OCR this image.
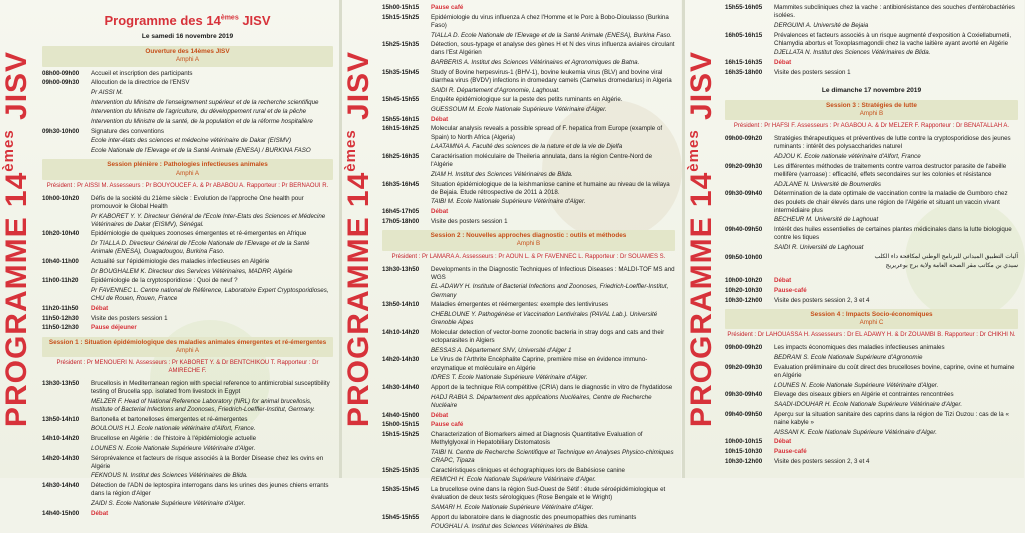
PROGRAMME 14èmes JISV
Programme des 14èmes JISV
Le samedi 16 novembre 2019
Ouverture des 14èmes JISV
Amphi A
08h00-09h00	Accueil et inscription des participants
09h00-09h30	Allocution de la directrice de l'ENSV
Pr AISSI M.
Intervention du Ministre de l'enseignement supérieur et de la recherche scientifique
Intervention du Ministre de l'agriculture, du développement rural et de la pêche
Intervention du Ministre de la santé, de la population et de la réforme hospitalière
09h30-10h00	Signature des conventions
Ecole inter-états des sciences et médecine vétérinaire de Dakar (EISMV)
Ecole Nationale de l'Elevage et de la Santé Animale (ENESA) / BURKINA FASO
Session plénière : Pathologies infectieuses animales
Amphi A
Président : Pr AISSI M. Assesseurs : Pr BOUYOUCEF A. & Pr ABABOU A. Rapporteur : Pr BERNAOUI R.
10h00-10h20	Défis de la société du 21ème siècle : Evolution de l'approche One health pour promouvoir le Global Health
Pr KABORET Y. Y. Directeur Général de l'Ecole Inter-Etats des Sciences et Médecine Vétérinaires de Dakar (EISMV), Sénégal.
10h20-10h40	Epidémiologie de quelques zoonoses émergentes et ré-émergentes en Afrique
Dr TIALLA D. Directeur Général de l'Ecole Nationale de l'Elevage et de la Santé Animale (ENESA), Ouagadougou, Burkina Faso.
10h40-11h00	Actualité sur l'épidémiologie des maladies infectieuses en Algérie
Dr BOUGHALEM K. Directeur des Services Vétérinaires, MADRP, Algérie
11h00-11h20	Epidémiologie de la cryptosporidiose : Quoi de neuf ?
Pr FAVENNEC L. Centre national de Référence, Laboratoire Expert Cryptosporidioses, CHU de Rouen, Rouen, France
11h20-11h50	Débat
11h50-12h30	Visite des posters session 1
11h50-12h30	Pause déjeuner
Session 1 : Situation épidémiologique des maladies animales émergentes et ré-émergentes
Amphi A
Président : Pr MENOUERI N. Assesseurs : Pr KABORET Y. & Dr BENTCHIKOU T. Rapporteur : Dr AMIRECHE F.
13h30-13h50	Brucellosis in Mediterranean region with special reference to antimicrobial susceptibility testing of Brucella spp. isolated from livestock in Egypt
MELZER F. Head of National Reference Laboratory (NRL) for animal brucellosis, Institute of Bacterial Infections and Zoonoses, Friedrich-Loeffler-Institut, Germany.
13h50-14h10	Bartonella et bartonelloses émergentes et ré-émergentes
BOULOUIS H.J. Ecole nationale vétérinaire d'Alfort, France.
14h10-14h20	Brucellose en Algérie : de l'histoire à l'épidémiologie actuelle
LOUNES N. Ecole Nationale Supérieure Vétérinaire d'Alger.
14h20-14h30	Séroprévalence et facteurs de risque associés à la Border Disease chez les ovins en Algérie
FEKNOUS N. Institut des Sciences Vétérinaires de Blida.
14h30-14h40	Détection de l'ADN de leptospira interrogans dans les urines des jeunes chiens errants dans la région d'Alger
ZAIDI S. Ecole Nationale Supérieure Vétérinaire d'Alger.
14h40-15h00	Débat
PROGRAMME 14èmes JISV
15h00-15h15	Pause café
15h15-15h25	Epidémiologie du virus influenza A chez l'Homme et le Porc à Bobo-Dioulasso (Burkina Faso)
TIALLA D. Ecole Nationale de l'Elevage et de la Santé Animale (ENESA), Burkina Faso.
15h25-15h35	Détection, sous-typage et analyse des gènes H et N des virus influenza aviaires circulant dans l'Est Algérien
BARBERIS A. Institut des Sciences Vétérinaires et Agronomiques de Batna.
15h35-15h45	Study of Bovine herpesvirus-1 (BHV-1), bovine leukemia virus (BLV) and bovine viral diarrhea virus (BVDV) infections in dromedary camels (Camelus dromedarius) in Algeria
SAIDI R. Département d'Agronomie, Laghouat.
15h45-15h55	Enquête épidémiologique sur la peste des petits ruminants en Algérie.
GUESSOUM M. Ecole Nationale Supérieure Vétérinaire d'Alger.
15h55-16h15	Débat
16h15-16h25	Molecular analysis reveals a possible spread of F. hepatica from Europe (example of Spain) to North Africa (Algeria)
LAATAMNA A. Faculté des sciences de la nature et de la vie de Djelfa
16h25-16h35	Caractérisation moléculaire de Theileria annulata, dans la région Centre-Nord de l'Algérie
ZIAM H. Institut des Sciences Vétérinaires de Blida.
16h35-16h45	Situation épidémiologique de la leishmaniose canine et humaine au niveau de la wilaya de Bejaia. Etude rétrospective de 2011 à 2018.
TAIBI M. Ecole Nationale Supérieure Vétérinaire d'Alger.
16h45-17h05	Débat
17h05-18h00	Visite des posters session 1
Session 2 : Nouvelles approches diagnostic : outils et méthodes
Amphi B
Président : Pr LAMARA A. Assesseurs : Pr AOUN L. & Pr FAVENNEC L. Rapporteur : Dr SOUAMES S.
13h30-13h50	Developments in the Diagnostic Techniques of Infectious Diseases : MALDI-TOF MS and WGS
EL-ADAWY H. Institute of Bacterial Infections and Zoonoses, Friedrich-Loeffler-Institut, Germany
13h50-14h10	Maladies émergentes et réémergentes: exemple des lentiviruses
CHEBLOUNE Y. Pathogénèse et Vaccination Lentivirales (PAVAL Lab.). Université Grenoble Alpes
14h10-14h20	Molecular detection of vector-borne zoonotic bacteria in stray dogs and cats and their ectoparasites in Algiers
BESSAS A. Département SNV, Université d'Alger 1
14h20-14h30	Le Virus de l'Arthrite Encéphalite Caprine, première mise en évidence immuno-enzymatique et moléculaire en Algérie
IDRES T. Ecole Nationale Supérieure Vétérinaire d'Alger.
14h30-14h40	Apport de la technique RIA compétitive (CRIA) dans le diagnostic in vitro de l'hydatidose
HADJ RABIA S. Département des applications Nucléaires, Centre de Recherche Nucléaire
14h40-15h00	Débat
15h00-15h15	Pause café
15h15-15h25	Characterization of Biomarkers aimed at Diagnosis Quantitative Evaluation of Methylglyoxal in Hepatobiliary Distomatosis
TAIBI N. Centre de Recherche Scientifique et Technique en Analyses Physico-chimiques CRAPC, Tipaza
15h25-15h35	Caractéristiques cliniques et échographiques lors de Babésiose canine
REMICHI H. Ecole Nationale Supérieure Vétérinaire d'Alger.
15h35-15h45	La brucellose ovine dans la région Sud-Ouest de Sétif : étude séroépidémiologique et évaluation de deux tests sérologiques (Rose Bengale et le Wright)
SAMARI H. Ecole Nationale Supérieure Vétérinaire d'Alger.
15h45-15h55	Apport du laboratoire dans le diagnostic des pneumopathies des ruminants
FOUGHALI A. Institut des Sciences Vétérinaires de Blida.
PROGRAMME 14èmes JISV
15h55-16h05	Mammites subcliniques chez la vache : antibiorésistance des souches d'entérobactéries isolées.
DERGUINI A. Université de Bejaia
16h05-16h15	Prévalences et facteurs associés à un risque augmenté d'exposition à Coxiellaburnetii, Chlamydia abortus et Toxoplasmagondii chez la vache laitière ayant avorté en Algérie
DJELLATA N. Institut des Sciences Vétérinaires de Blida.
16h15-16h35	Débat
16h35-18h00	Visite des posters session 1
Le dimanche 17 novembre 2019
Session 3 : Stratégies de lutte
Amphi B
Président : Pr HAFSI F. Assesseurs : Pr AGABOU A. & Dr MELZER F. Rapporteur : Dr BENATALLAH A.
09h00-09h20	Stratégies thérapeutiques et préventives de lutte contre la cryptosporidiose des jeunes ruminants : intérêt des polysaccharides naturel
ADJOU K. Ecole nationale vétérinaire d'Alfort, France
09h20-09h30	Les différentes méthodes de traitements contre varroa destructor parasite de l'abeille mellifère (varroase) : efficacité, effets secondaires sur les colonies et résistance
ADJLANE N. Université de Boumerdès
09h30-09h40	Détermination de la date optimale de vaccination contre la maladie de Gumboro chez des poulets de chair élevés dans une région de l'Algérie et situant un vaccin vivant intermédiaire plus
BECHEUR M. Université de Laghouat
09h40-09h50	Intérêt des huiles essentielles de certaines plantes médicinales dans la lutte biologique contre les tiques
SAIDI R. Université de Laghouat
09h50-10h00	آليات التطبيق الميداني للبرنامج الوطني لمكافحة داء الكلب
سيدي بن مكاتب مقر الصحة العامة ولاية برج بوعريريج
10h00-10h20	Débat
10h20-10h30	Pause-café
10h30-12h00	Visite des posters session 2, 3 et 4
Session 4 : Impacts Socio-économiques
Amphi C
Président : Dr LAHOUASSA H. Assesseurs : Dr EL ADAWY H. & Dr ZOUAMBI B. Rapporteur : Dr CHIKHI N.
09h00-09h20	Les impacts économiques des maladies infectieuses animales
BEDRANI S. Ecole Nationale Supérieure d'Agronomie
09h20-09h30	Evaluation préliminaire du coût direct des brucelloses bovine, caprine, ovine et humaine en Algérie
LOUNES N. Ecole Nationale Supérieure Vétérinaire d'Alger.
09h30-09h40	Elevage des oiseaux gibiers en Algérie et contraintes rencontrées
SAADI-IDOUHAR H. Ecole Nationale Supérieure Vétérinaire d'Alger.
09h40-09h50	Aperçu sur la situation sanitaire des caprins dans la région de Tizi Ouzou : cas de la « naine kabyle »
AISSANI K. Ecole Nationale Supérieure Vétérinaire d'Alger.
10h00-10h15	Débat
10h15-10h30	Pause-café
10h30-12h00	Visite des posters session 2, 3 et 4
